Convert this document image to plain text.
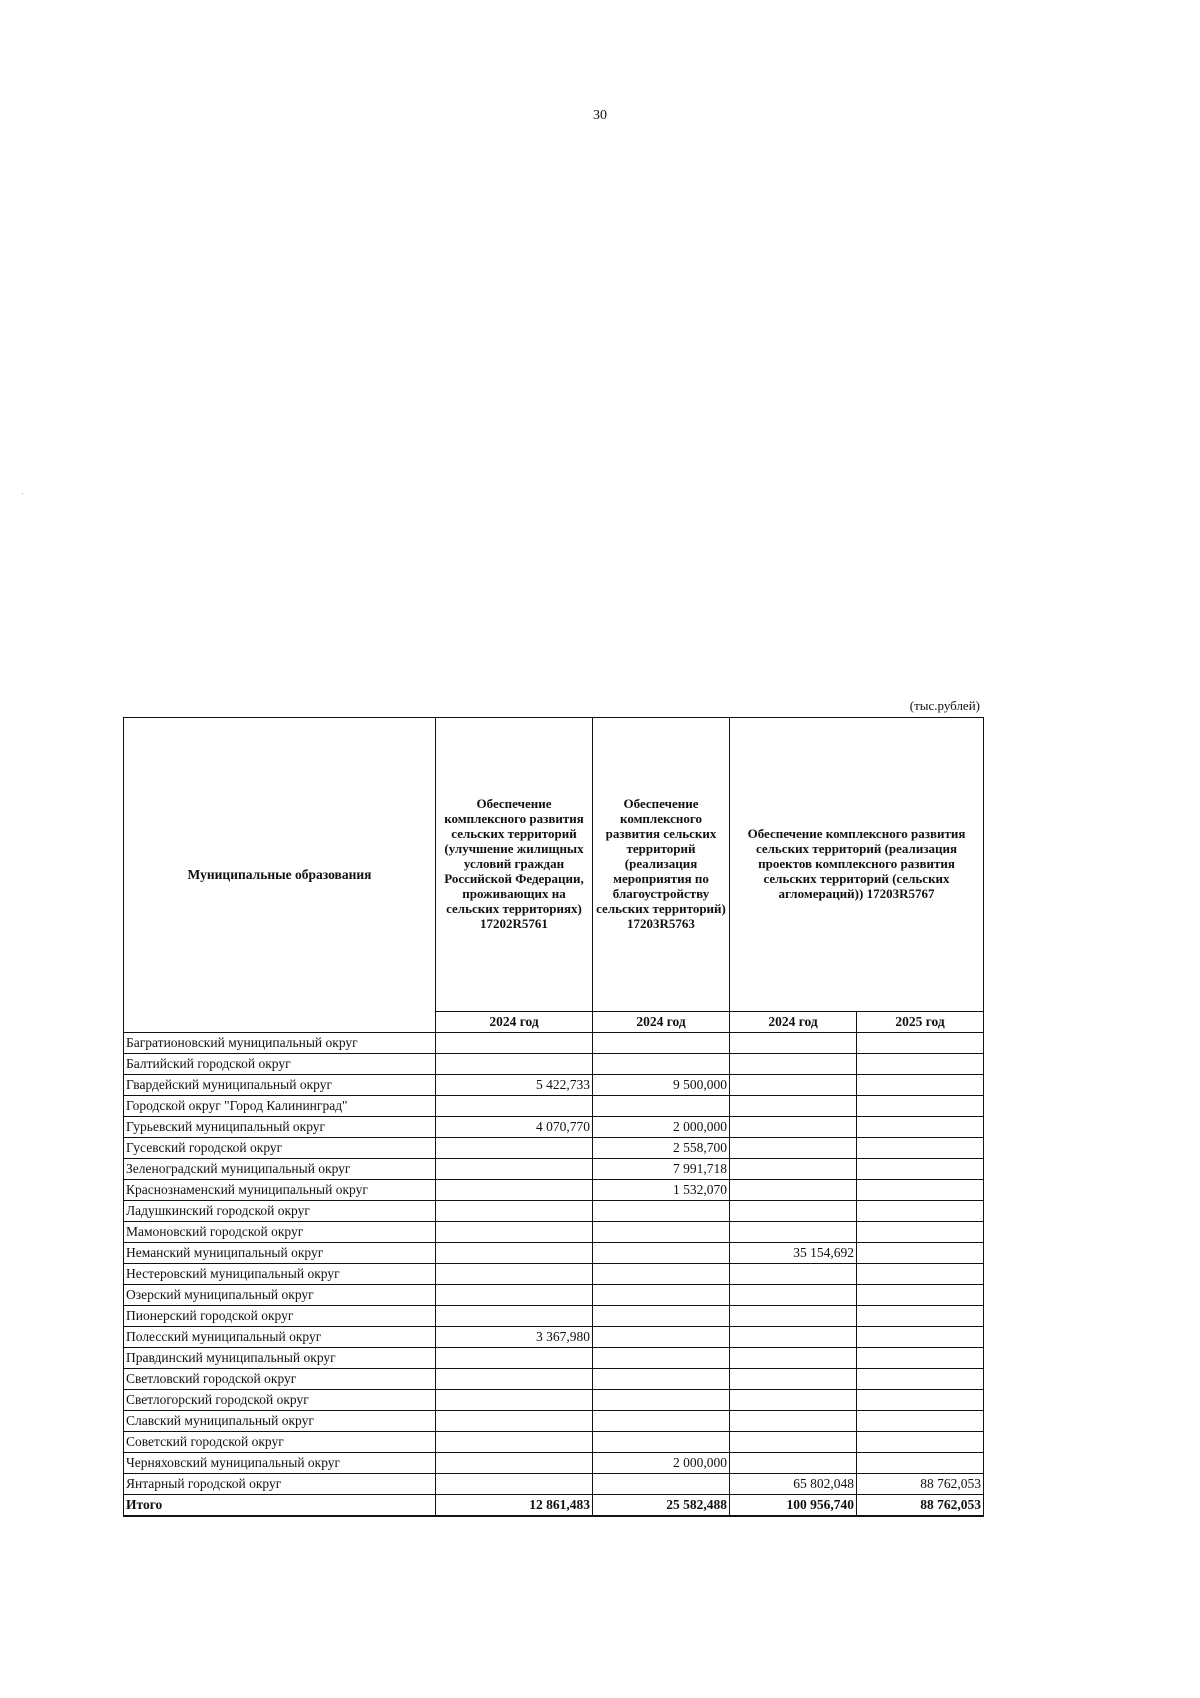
30
(тыс.рублей)
Муниципальные образования	Обеспечение комплексного развития сельских территорий (улучшение жилищных условий граждан Российской Федерации, проживающих на сельских территориях) 17202R5761	Обеспечение комплексного развития сельских территорий (реализация мероприятия по благоустройству сельских территорий) 17203R5763	Обеспечение комплексного развития сельских территорий (реализация проектов комплексного развития сельских территорий (сельских агломераций)) 17203R5767	
	2024 год	2024 год	2024 год	2025 год
Багратионовский муниципальный округ				
Балтийский городской округ				
Гвардейский муниципальный округ	5 422,733	9 500,000		
Городской округ "Город Калининград"				
Гурьевский муниципальный округ	4 070,770	2 000,000		
Гусевский городской округ		2 558,700		
Зеленоградский муниципальный округ		7 991,718		
Краснознаменский муниципальный округ		1 532,070		
Ладушкинский городской округ				
Мамоновский городской округ				
Неманский муниципальный округ			35 154,692	
Нестеровский муниципальный округ				
Озерский муниципальный округ				
Пионерский городской округ				
Полесский муниципальный округ	3 367,980			
Правдинский муниципальный округ				
Светловский городской округ				
Светлогорский городской округ				
Славский муниципальный округ				
Советский городской округ				
Черняховский муниципальный округ		2 000,000		
Янтарный городской округ			65 802,048	88 762,053
Итого	12 861,483	25 582,488	100 956,740	88 762,053
